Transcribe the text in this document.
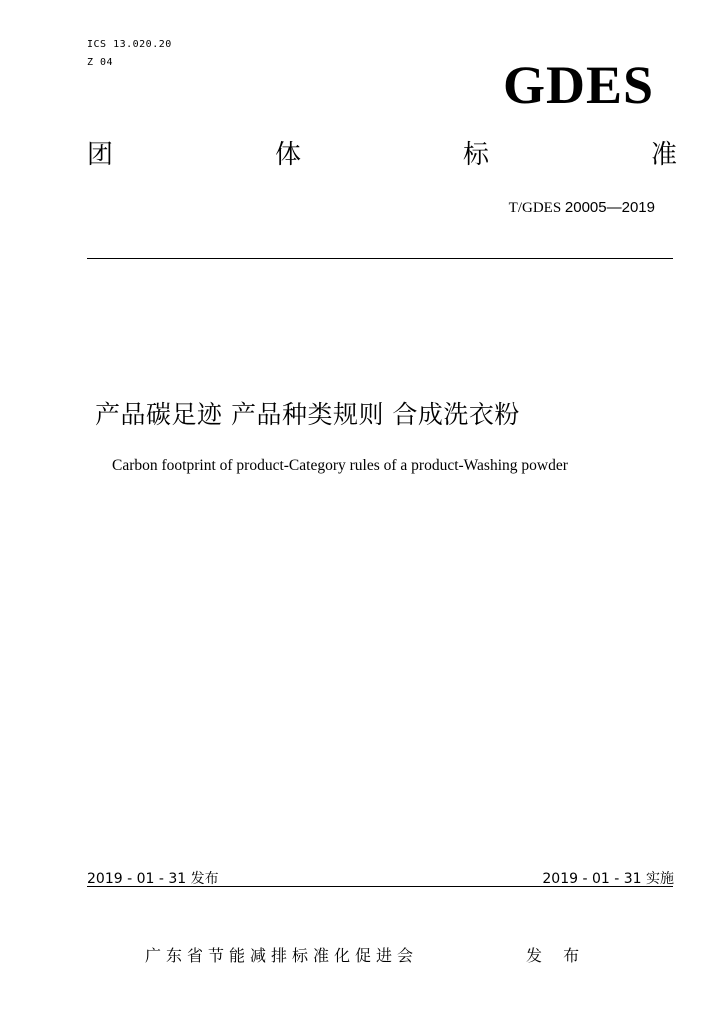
ICS 13.020.20
Z 04	GDES
团	体	标	准
T/GDES 20005—2019
产品碳足迹 产品种类规则 合成洗衣粉
Carbon footprint of product-Category rules of a product-Washing powder
2019 - 01 - 31 发布	2019 - 01 - 31 实施
广东省节能减排标准化促进会	发 布
